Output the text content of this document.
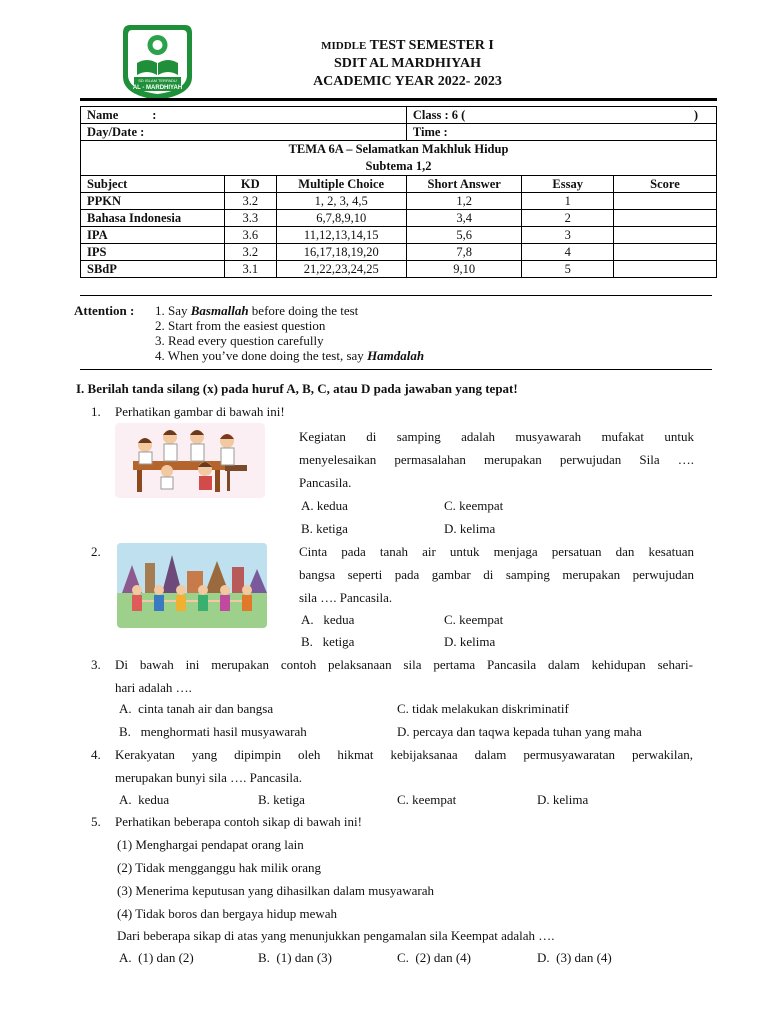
SD ISLAM TERPADU
AL - MARDHIYAH
MIDDLE TEST SEMESTER I
SDIT AL MARDHIYAH
ACADEMIC YEAR 2022- 2023
Name :			Class : 6 ( )		

Day/Date :			Time :		

TEMA 6A – Selamatkan Makhluk Hidup
Subtema 1,2					

Subject	KD	Multiple Choice	Short Answer	Essay	Score
PPKN	3.2	1, 2, 3, 4,5	1,2	1	
Bahasa Indonesia	3.3	6,7,8,9,10	3,4	2	
IPA	3.6	11,12,13,14,15	5,6	3	
IPS	3.2	16,17,18,19,20	7,8	4	
SBdP	3.1	21,22,23,24,25	9,10	5	
Attention : 1. Say Basmallah before doing the test
2. Start from the easiest question
3. Read every question carefully
4. When you’ve done doing the test, say Hamdalah
I. Berilah tanda silang (x) pada huruf A, B, C, atau D pada jawaban yang tepat!
1. Perhatikan gambar di bawah ini!
Kegiatan di samping adalah musyawarah mufakat untuk
menyelesaikan permasalahan merupakan perwujudan Sila ….
Pancasila.
A. kedua	C. keempat
B. ketiga	D. kelima
2.	Cinta pada tanah air untuk menjaga persatuan dan kesatuan
bangsa seperti pada gambar di samping merupakan perwujudan
sila …. Pancasila.
A.   kedua	C. keempat
B.   ketiga	D. kelima
3. Di bawah ini merupakan contoh pelaksanaan sila pertama Pancasila dalam kehidupan sehari-
hari adalah ….
A.  cinta tanah air dan bangsa	C. tidak melakukan diskriminatif
B.   menghormati hasil musyawarah	D. percaya dan taqwa kepada tuhan yang maha
4. Kerakyatan yang dipimpin oleh hikmat kebijaksanaa dalam permusyawaratan perwakilan,
merupakan bunyi sila …. Pancasila.
A.  kedua	B. ketiga	C. keempat	D. kelima
5. Perhatikan beberapa contoh sikap di bawah ini!
(1) Menghargai pendapat orang lain
(2) Tidak mengganggu hak milik orang
(3) Menerima keputusan yang dihasilkan dalam musyawarah
(4) Tidak boros dan bergaya hidup mewah
Dari beberapa sikap di atas yang menunjukkan pengamalan sila Keempat adalah ….
A.  (1) dan (2)	B.  (1) dan (3)	C.  (2) dan (4)	D.  (3) dan (4)
